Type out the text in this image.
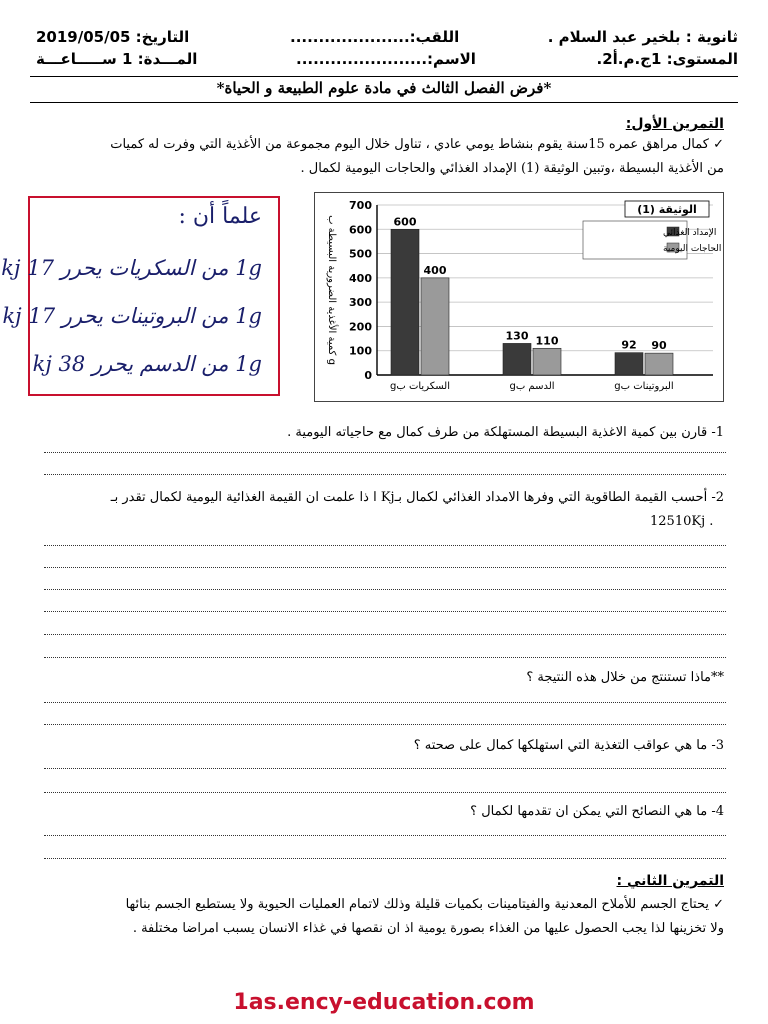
ثانوية : بلخير عبد السلام .
اللقب:.....................
التاريخ: 2019/05/05
المستوى: 1ج.م.أ2.
الاسم:.......................
المـــدة: 1 ســـــاعـــة
*فرض الفصل الثالث في مادة علوم الطبيعة و الحياة*
التمرين الأول:
✓ كمال مراهق عمره 15سنة يقوم بنشاط يومي عادي ، تناول خلال اليوم مجموعة من الأغذية التي وفرت له كميات
من الأغذية البسيطة ،وتبين الوثيقة (1) الإمداد الغذائي والحاجات اليومية لكمال .
علماً أن :
1g من السكريات يحرر 17 kj
1g من البروتينات يحرر 17 kj
1g من الدسم يحرر 38 kj	0
100
200
300
400
500
600
700
كمية الأغذية الضرورية البسيطة ب g
600
400
السكريات بg
130 110
الدسم بg
92 90
البروتينات بg
الوثيقة (1)
الإمداد الغذائي
الحاجات اليومية
1- قارن بين كمية الاغذية البسيطة المستهلكة من طرف كمال مع حاجياته اليومية .
2- أحسب القيمة الطاقوية التي وفرها الامداد الغذائي لكمال بـKj ا ذا علمت ان القيمة الغذائية اليومية لكمال تقدر بـ
12510Kj .
**ماذا تستنتج من خلال هذه النتيجة ؟
3- ما هي عواقب التغذية التي استهلكها كمال على صحته ؟
4- ما هي النصائح التي يمكن ان تقدمها لكمال ؟
التمرين الثاني :
✓ يحتاج الجسم للأملاح المعدنية والفيتامينات بكميات قليلة وذلك لاتمام العمليات الحيوية ولا يستطيع الجسم بنائها
ولا تخزينها لذا يجب الحصول عليها من الغذاء بصورة يومية اذ ان نقصها في غذاء الانسان يسبب امراضا مختلفة .
1as.ency-education.com
